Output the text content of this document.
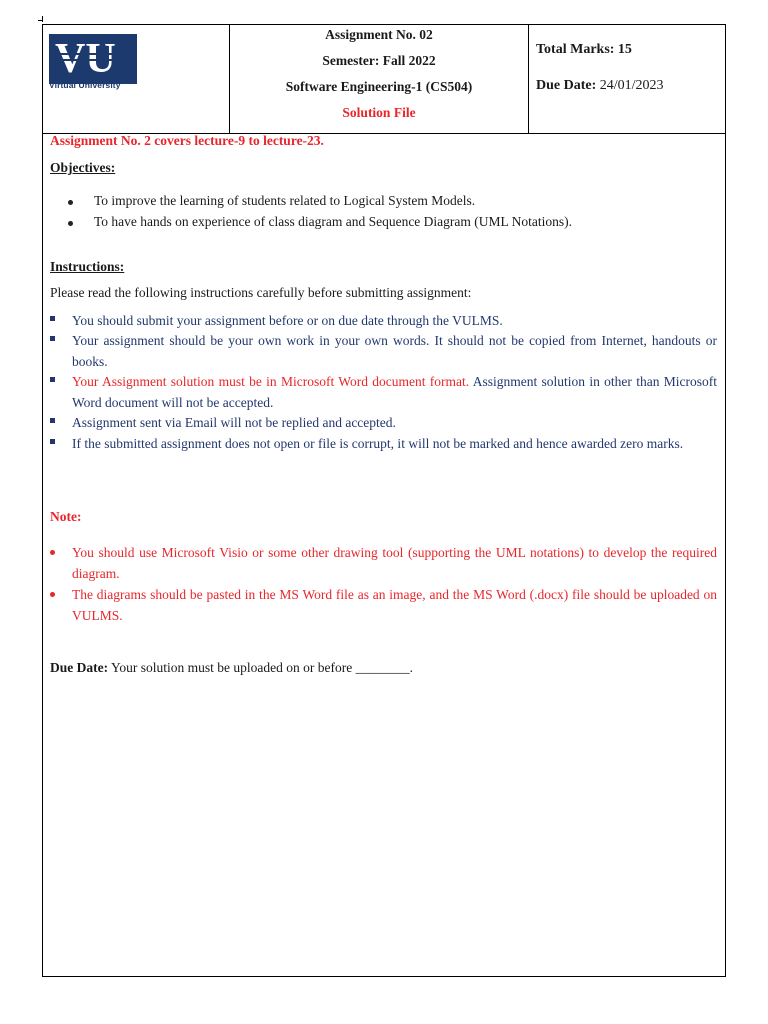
VU
Virtual University
Assignment No. 02
Semester: Fall 2022
Software Engineering-1 (CS504)
Solution File
Total Marks: 15
Due Date: 24/01/2023
Assignment No. 2 covers lecture-9 to lecture-23.
Objectives:
To improve the learning of students related to Logical System Models.
To have hands on experience of class diagram and Sequence Diagram (UML Notations).
Instructions:
Please read the following instructions carefully before submitting assignment:
You should submit your assignment before or on due date through the VULMS.
Your assignment should be your own work in your own words. It should not be copied from Internet, handouts or books.
Your Assignment solution must be in Microsoft Word document format. Assignment solution in other than Microsoft Word document will not be accepted.
Assignment sent via Email will not be replied and accepted.
If the submitted assignment does not open or file is corrupt, it will not be marked and hence awarded zero marks.
Note:
You should use Microsoft Visio or some other drawing tool (supporting the UML notations) to develop the required diagram.
The diagrams should be pasted in the MS Word file as an image, and the MS Word (.docx) file should be uploaded on VULMS.
Due Date: Your solution must be uploaded on or before ________.
